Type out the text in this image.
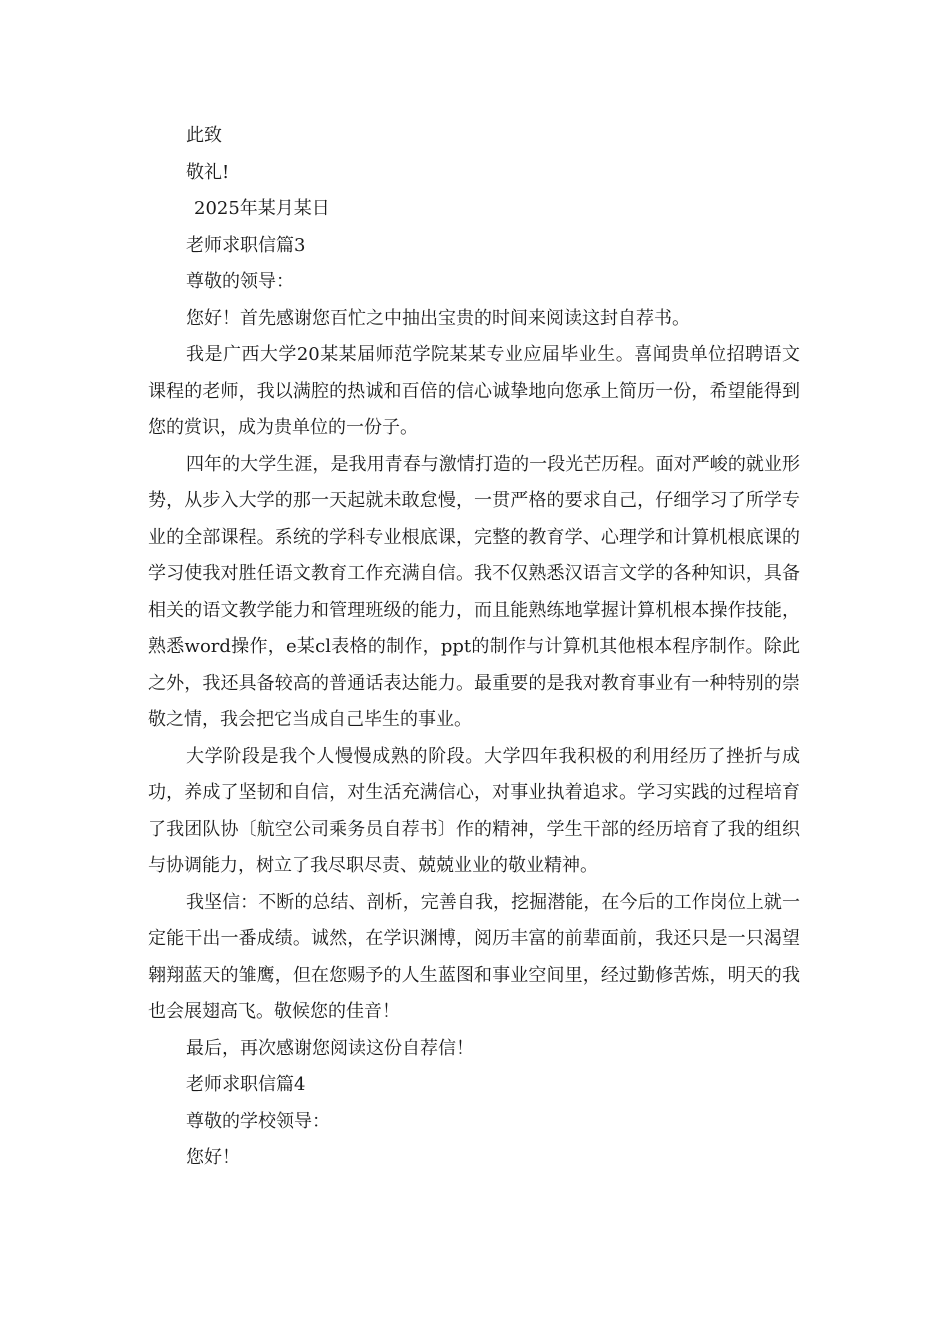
此致

敬礼!

2025年某月某日

老师求职信篇3

尊敬的领导：

您好！首先感谢您百忙之中抽出宝贵的时间来阅读这封自荐书。

我是广西大学20某某届师范学院某某专业应届毕业生。喜闻贵单位招聘语文课程的老师，我以满腔的热诚和百倍的信心诚挚地向您承上简历一份，希望能得到您的赏识，成为贵单位的一份子。

四年的大学生涯，是我用青春与激情打造的一段光芒历程。面对严峻的就业形势，从步入大学的那一天起就未敢怠慢，一贯严格的要求自己，仔细学习了所学专业的全部课程。系统的学科专业根底课，完整的教育学、心理学和计算机根底课的学习使我对胜任语文教育工作充满自信。我不仅熟悉汉语言文学的各种知识，具备相关的语文教学能力和管理班级的能力，而且能熟练地掌握计算机根本操作技能，熟悉word操作，e某cl表格的制作，ppt的制作与计算机其他根本程序制作。除此之外，我还具备较高的普通话表达能力。最重要的是我对教育事业有一种特别的崇敬之情，我会把它当成自己毕生的事业。

大学阶段是我个人慢慢成熟的阶段。大学四年我积极的利用经历了挫折与成功，养成了坚韧和自信，对生活充满信心，对事业执着追求。学习实践的过程培育了我团队协〔航空公司乘务员自荐书〕作的精神，学生干部的经历培育了我的组织与协调能力，树立了我尽职尽责、兢兢业业的敬业精神。

我坚信：不断的总结、剖析，完善自我，挖掘潜能，在今后的工作岗位上就一定能干出一番成绩。诚然，在学识渊博，阅历丰富的前辈面前，我还只是一只渴望翱翔蓝天的雏鹰，但在您赐予的人生蓝图和事业空间里，经过勤修苦炼，明天的我也会展翅高飞。敬候您的佳音！

最后，再次感谢您阅读这份自荐信！

老师求职信篇4

尊敬的学校领导：

您好！
